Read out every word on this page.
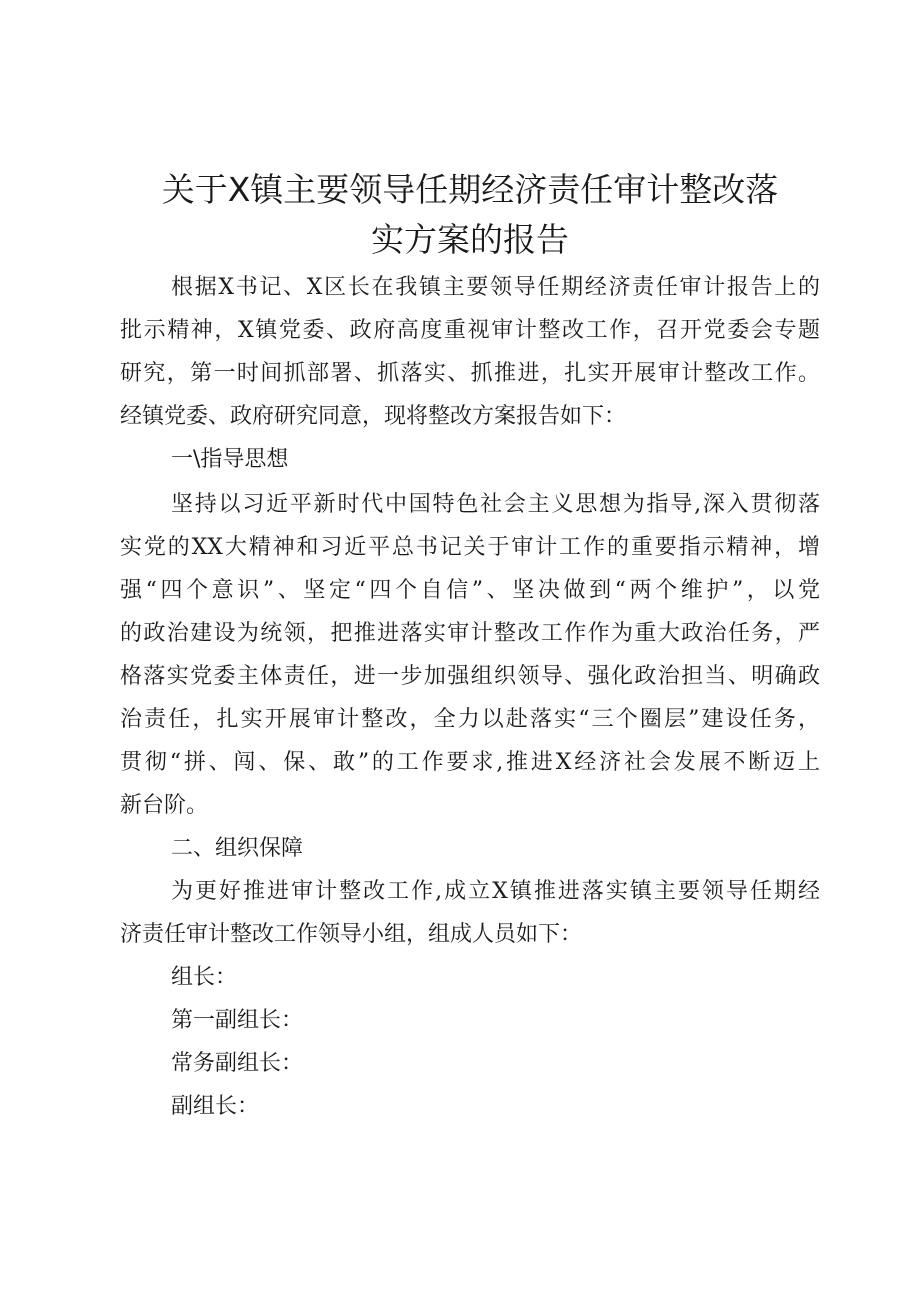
关于X镇主要领导任期经济责任审计整改落
实方案的报告
根据X书记、X区长在我镇主要领导任期经济责任审计报告上的
批示精神，X镇党委、政府高度重视审计整改工作，召开党委会专题
研究，第一时间抓部署、抓落实、抓推进，扎实开展审计整改工作。
经镇党委、政府研究同意，现将整改方案报告如下：
一\指导思想
坚持以习近平新时代中国特色社会主义思想为指导,深入贯彻落
实党的XX大精神和习近平总书记关于审计工作的重要指示精神，增
强“四个意识”、坚定“四个自信”、坚决做到“两个维护”，以党
的政治建设为统领，把推进落实审计整改工作作为重大政治任务，严
格落实党委主体责任，进一步加强组织领导、强化政治担当、明确政
治责任，扎实开展审计整改，全力以赴落实“三个圈层”建设任务，
贯彻“拼、闯、保、敢”的工作要求,推进X经济社会发展不断迈上
新台阶。
二、组织保障
为更好推进审计整改工作,成立X镇推进落实镇主要领导任期经
济责任审计整改工作领导小组，组成人员如下：
组长：
第一副组长：
常务副组长：
副组长：
